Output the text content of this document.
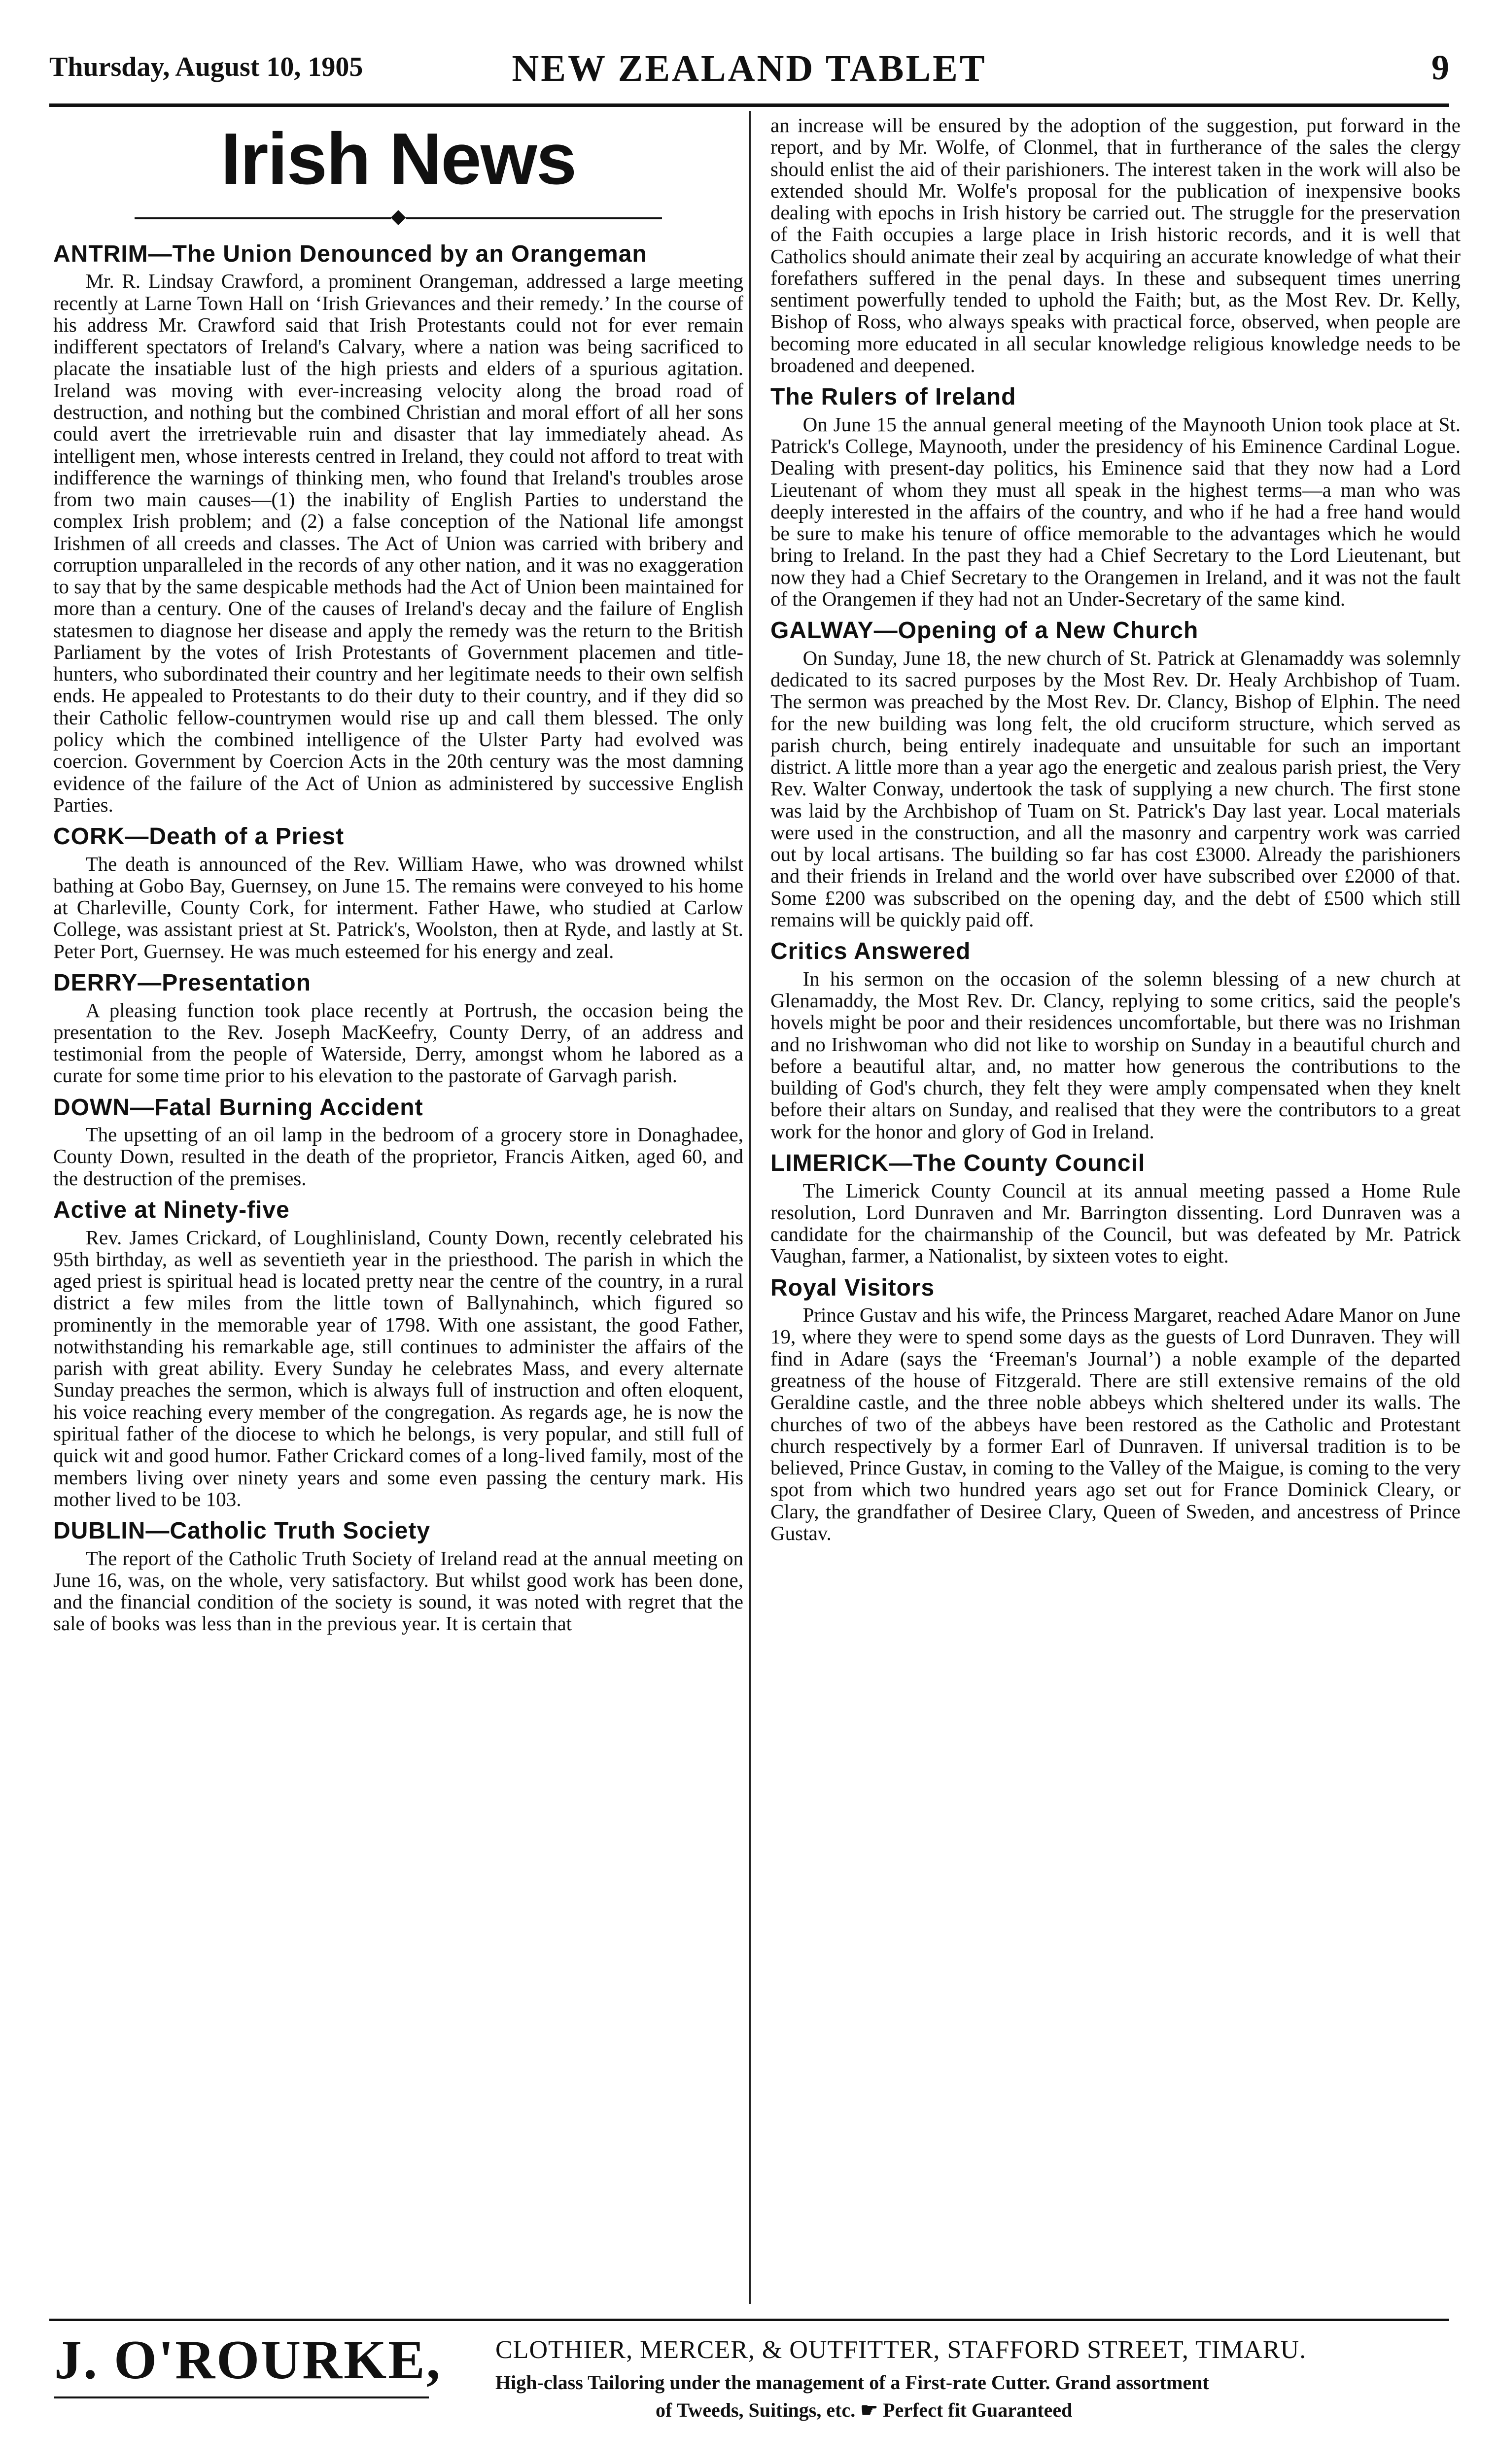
Thursday, August 10, 1905	NEW ZEALAND TABLET	9
Irish News
◆
ANTRIM—The Union Denounced by an Orangeman

Mr. R. Lindsay Crawford, a prominent Orangeman, addressed a large meeting recently at Larne Town Hall on ‘Irish Grievances and their remedy.’ In the course of his address Mr. Crawford said that Irish Protestants could not for ever remain indifferent spectators of Ireland's Calvary, where a nation was being sacrificed to placate the insatiable lust of the high priests and elders of a spurious agitation. Ireland was moving with ever-increasing velocity along the broad road of destruction, and nothing but the combined Christian and moral effort of all her sons could avert the irretrievable ruin and disaster that lay immediately ahead. As intelligent men, whose interests centred in Ireland, they could not afford to treat with indifference the warnings of thinking men, who found that Ireland's troubles arose from two main causes—(1) the inability of English Parties to understand the complex Irish problem; and (2) a false conception of the National life amongst Irishmen of all creeds and classes. The Act of Union was carried with bribery and corruption unparalleled in the records of any other nation, and it was no exaggeration to say that by the same despicable methods had the Act of Union been maintained for more than a century. One of the causes of Ireland's decay and the failure of English statesmen to diagnose her disease and apply the remedy was the return to the British Parliament by the votes of Irish Protestants of Government placemen and title-hunters, who subordinated their country and her legitimate needs to their own selfish ends. He appealed to Protestants to do their duty to their country, and if they did so their Catholic fellow-countrymen would rise up and call them blessed. The only policy which the combined intelligence of the Ulster Party had evolved was coercion. Government by Coercion Acts in the 20th century was the most damning evidence of the failure of the Act of Union as administered by successive English Parties.

CORK—Death of a Priest

The death is announced of the Rev. William Hawe, who was drowned whilst bathing at Gobo Bay, Guernsey, on June 15. The remains were conveyed to his home at Charleville, County Cork, for interment. Father Hawe, who studied at Carlow College, was assistant priest at St. Patrick's, Woolston, then at Ryde, and lastly at St. Peter Port, Guernsey. He was much esteemed for his energy and zeal.

DERRY—Presentation

A pleasing function took place recently at Portrush, the occasion being the presentation to the Rev. Joseph MacKeefry, County Derry, of an address and testimonial from the people of Waterside, Derry, amongst whom he labored as a curate for some time prior to his elevation to the pastorate of Garvagh parish.

DOWN—Fatal Burning Accident

The upsetting of an oil lamp in the bedroom of a grocery store in Donaghadee, County Down, resulted in the death of the proprietor, Francis Aitken, aged 60, and the destruction of the premises.

Active at Ninety-five

Rev. James Crickard, of Loughlinisland, County Down, recently celebrated his 95th birthday, as well as seventieth year in the priesthood. The parish in which the aged priest is spiritual head is located pretty near the centre of the country, in a rural district a few miles from the little town of Ballynahinch, which figured so prominently in the memorable year of 1798. With one assistant, the good Father, notwithstanding his remarkable age, still continues to administer the affairs of the parish with great ability. Every Sunday he celebrates Mass, and every alternate Sunday preaches the sermon, which is always full of instruction and often eloquent, his voice reaching every member of the congregation. As regards age, he is now the spiritual father of the diocese to which he belongs, is very popular, and still full of quick wit and good humor. Father Crickard comes of a long-lived family, most of the members living over ninety years and some even passing the century mark. His mother lived to be 103.

DUBLIN—Catholic Truth Society

The report of the Catholic Truth Society of Ireland read at the annual meeting on June 16, was, on the whole, very satisfactory. But whilst good work has been done, and the financial condition of the society is sound, it was noted with regret that the sale of books was less than in the previous year. It is certain that

an increase will be ensured by the adoption of the suggestion, put forward in the report, and by Mr. Wolfe, of Clonmel, that in furtherance of the sales the clergy should enlist the aid of their parishioners. The interest taken in the work will also be extended should Mr. Wolfe's proposal for the publication of inexpensive books dealing with epochs in Irish history be carried out. The struggle for the preservation of the Faith occupies a large place in Irish historic records, and it is well that Catholics should animate their zeal by acquiring an accurate knowledge of what their forefathers suffered in the penal days. In these and subsequent times unerring sentiment powerfully tended to uphold the Faith; but, as the Most Rev. Dr. Kelly, Bishop of Ross, who always speaks with practical force, observed, when people are becoming more educated in all secular knowledge religious knowledge needs to be broadened and deepened.

The Rulers of Ireland

On June 15 the annual general meeting of the Maynooth Union took place at St. Patrick's College, Maynooth, under the presidency of his Eminence Cardinal Logue. Dealing with present-day politics, his Eminence said that they now had a Lord Lieutenant of whom they must all speak in the highest terms—a man who was deeply interested in the affairs of the country, and who if he had a free hand would be sure to make his tenure of office memorable to the advantages which he would bring to Ireland. In the past they had a Chief Secretary to the Lord Lieutenant, but now they had a Chief Secretary to the Orangemen in Ireland, and it was not the fault of the Orangemen if they had not an Under-Secretary of the same kind.

GALWAY—Opening of a New Church

On Sunday, June 18, the new church of St. Patrick at Glenamaddy was solemnly dedicated to its sacred purposes by the Most Rev. Dr. Healy Archbishop of Tuam. The sermon was preached by the Most Rev. Dr. Clancy, Bishop of Elphin. The need for the new building was long felt, the old cruciform structure, which served as parish church, being entirely inadequate and unsuitable for such an important district. A little more than a year ago the energetic and zealous parish priest, the Very Rev. Walter Conway, undertook the task of supplying a new church. The first stone was laid by the Archbishop of Tuam on St. Patrick's Day last year. Local materials were used in the construction, and all the masonry and carpentry work was carried out by local artisans. The building so far has cost £3000. Already the parishioners and their friends in Ireland and the world over have subscribed over £2000 of that. Some £200 was subscribed on the opening day, and the debt of £500 which still remains will be quickly paid off.

Critics Answered

In his sermon on the occasion of the solemn blessing of a new church at Glenamaddy, the Most Rev. Dr. Clancy, replying to some critics, said the people's hovels might be poor and their residences uncomfortable, but there was no Irishman and no Irishwoman who did not like to worship on Sunday in a beautiful church and before a beautiful altar, and, no matter how generous the contributions to the building of God's church, they felt they were amply compensated when they knelt before their altars on Sunday, and realised that they were the contributors to a great work for the honor and glory of God in Ireland.

LIMERICK—The County Council

The Limerick County Council at its annual meeting passed a Home Rule resolution, Lord Dunraven and Mr. Barrington dissenting. Lord Dunraven was a candidate for the chairmanship of the Council, but was defeated by Mr. Patrick Vaughan, farmer, a Nationalist, by sixteen votes to eight.

Royal Visitors

Prince Gustav and his wife, the Princess Margaret, reached Adare Manor on June 19, where they were to spend some days as the guests of Lord Dunraven. They will find in Adare (says the ‘Freeman's Journal’) a noble example of the departed greatness of the house of Fitzgerald. There are still extensive remains of the old Geraldine castle, and the three noble abbeys which sheltered under its walls. The churches of two of the abbeys have been restored as the Catholic and Protestant church respectively by a former Earl of Dunraven. If universal tradition is to be believed, Prince Gustav, in coming to the Valley of the Maigue, is coming to the very spot from which two hundred years ago set out for France Dominick Cleary, or Clary, the grandfather of Desiree Clary, Queen of Sweden, and ancestress of Prince Gustav.

J. O'ROURKE, CLOTHIER, MERCER, & OUTFITTER, STAFFORD STREET, TIMARU.
High-class Tailoring under the management of a First-rate Cutter. Grand assortment
of Tweeds, Suitings, etc. ☛ Perfect fit Guaranteed
